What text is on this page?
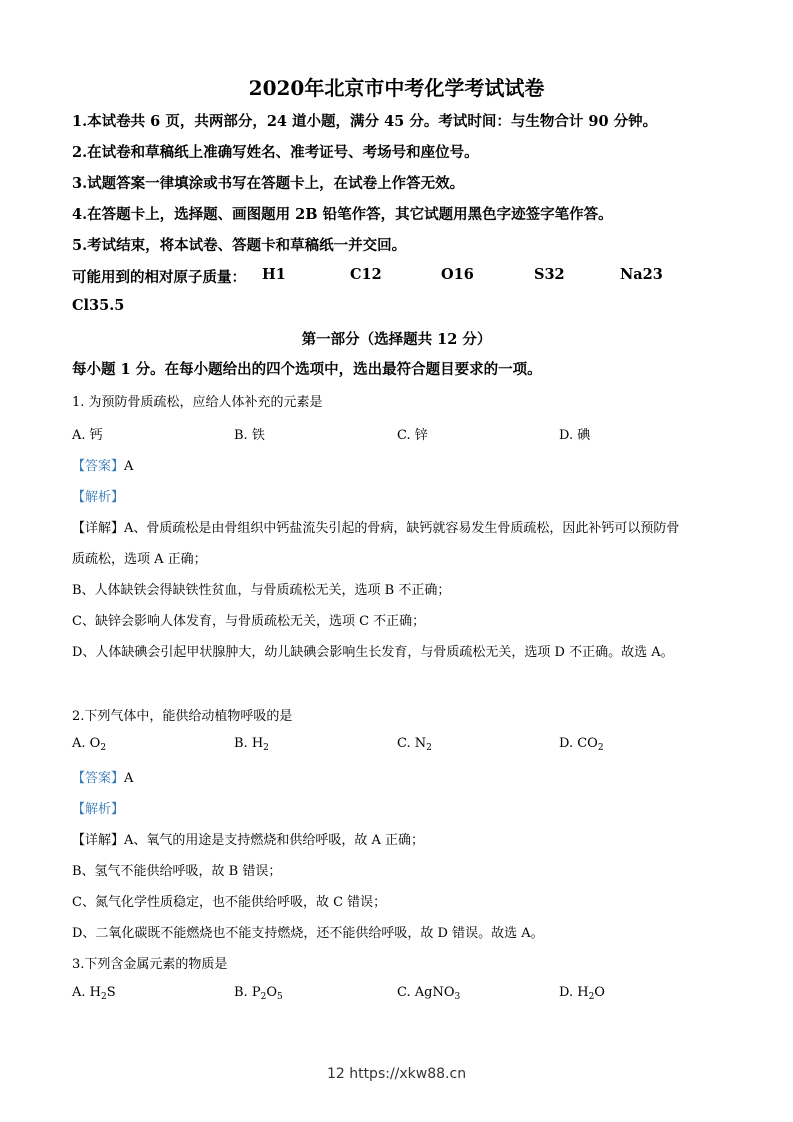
2020年北京市中考化学考试试卷
1.本试卷共 6 页，共两部分，24 道小题，满分 45 分。考试时间：与生物合计 90 分钟。
2.在试卷和草稿纸上准确写姓名、准考证号、考场号和座位号。
3.试题答案一律填涂或书写在答题卡上，在试卷上作答无效。
4.在答题卡上，选择题、画图题用 2B 铅笔作答，其它试题用黑色字迹签字笔作答。
5.考试结束，将本试卷、答题卡和草稿纸一并交回。
可能用到的相对原子质量： H1	C12	O16	S32	Na23
Cl35.5
第一部分（选择题共 12 分）
每小题 1 分。在每小题给出的四个选项中，选出最符合题目要求的一项。
1. 为预防骨质疏松，应给人体补充的元素是
A. 钙	B. 铁	C. 锌	D. 碘
【答案】A
【解析】
【详解】A、骨质疏松是由骨组织中钙盐流失引起的骨病，缺钙就容易发生骨质疏松，因此补钙可以预防骨
质疏松，选项 A 正确；
B、人体缺铁会得缺铁性贫血，与骨质疏松无关，选项 B 不正确；
C、缺锌会影响人体发育，与骨质疏松无关，选项 C 不正确；
D、人体缺碘会引起甲状腺肿大，幼儿缺碘会影响生长发育，与骨质疏松无关，选项 D 不正确。故选 A。
2.下列气体中，能供给动植物呼吸的是
A. $O_2$	B. $H_2$	C. $N_2$	D. $CO_2$
【答案】A
【解析】
【详解】A、氧气的用途是支持燃烧和供给呼吸，故 A 正确；
B、氢气不能供给呼吸，故 B 错误；
C、氮气化学性质稳定，也不能供给呼吸，故 C 错误；
D、二氧化碳既不能燃烧也不能支持燃烧，还不能供给呼吸，故 D 错误。故选 A。
3.下列含金属元素的物质是
A. $H_2S$	B. $P_2O_5$	C. AgNO$_3$	D. $H_2O$
12 https://xkw88.cn
